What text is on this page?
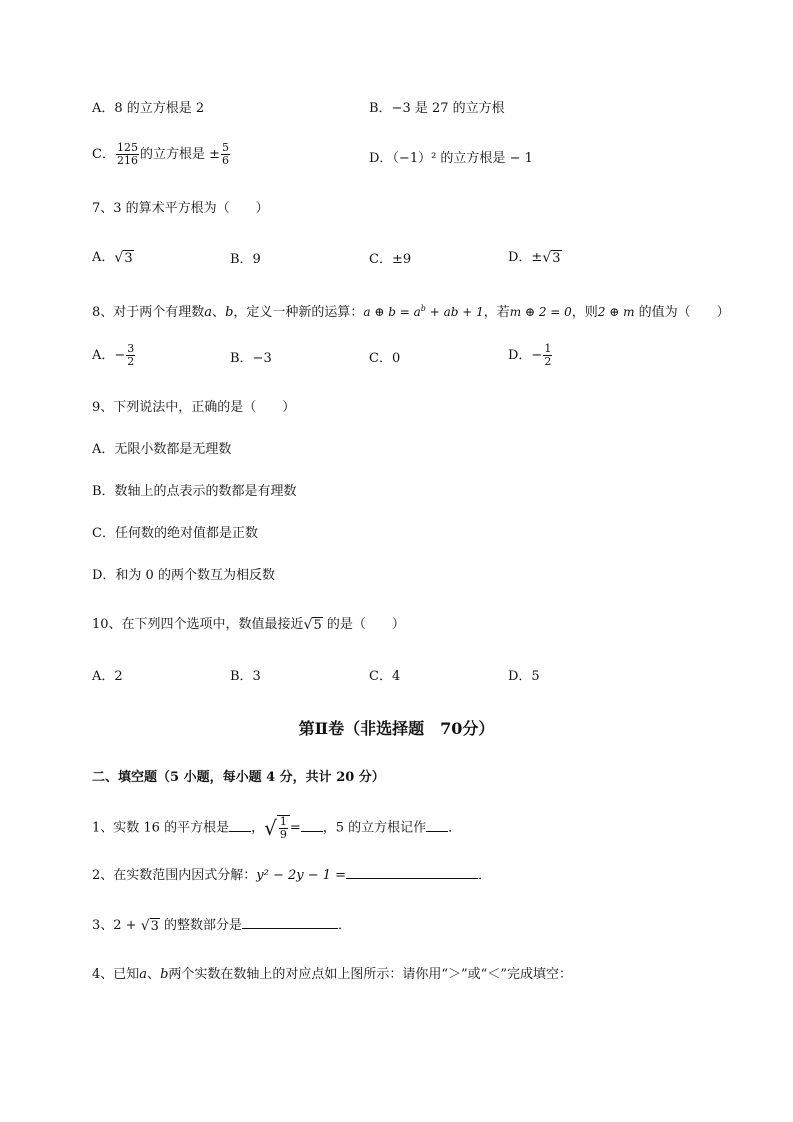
A．8 的立方根是 2	B．−3 是 27 的立方根
C． $\frac{125}{216}$ 的立方根是 ± $\frac{5}{6}$	D．（−1）² 的立方根是 − 1
7、3 的算术平方根为（　　）
A． √ 3	B．9	C．±9	D．± √ 3
8、对于两个有理数a、b，定义一种新的运算：a ⊕ $b = a^b$ + ab + 1，若m ⊕ 2 = 0，则2 ⊕ m 的值为（　　）
A．− $\frac{3}{2}$	B．−3	C．0	D．− $\frac{1}{2}$
9、下列说法中，正确的是（　　）
A．无限小数都是无理数
B．数轴上的点表示的数都是有理数
C．任何数的绝对值都是正数
D．和为 0 的两个数互为相反数
10、在下列四个选项中，数值最接近 √ 5 的是（　　）
A．2	B．3	C．4	D．5
第Ⅱ卷（非选择题　70分）
二、填空题（5 小题，每小题 4 分，共计 20 分）
1、实数 16 的平方根是 ， √ $\frac{1}{9}$ = ，5 的立方根记作 ．
2、在实数范围内因式分解：y² − 2y − 1 =	．
3、2 + √ 3 的整数部分是	．
4、已知a、b两个实数在数轴上的对应点如上图所示：请你用“＞”或“＜”完成填空：
